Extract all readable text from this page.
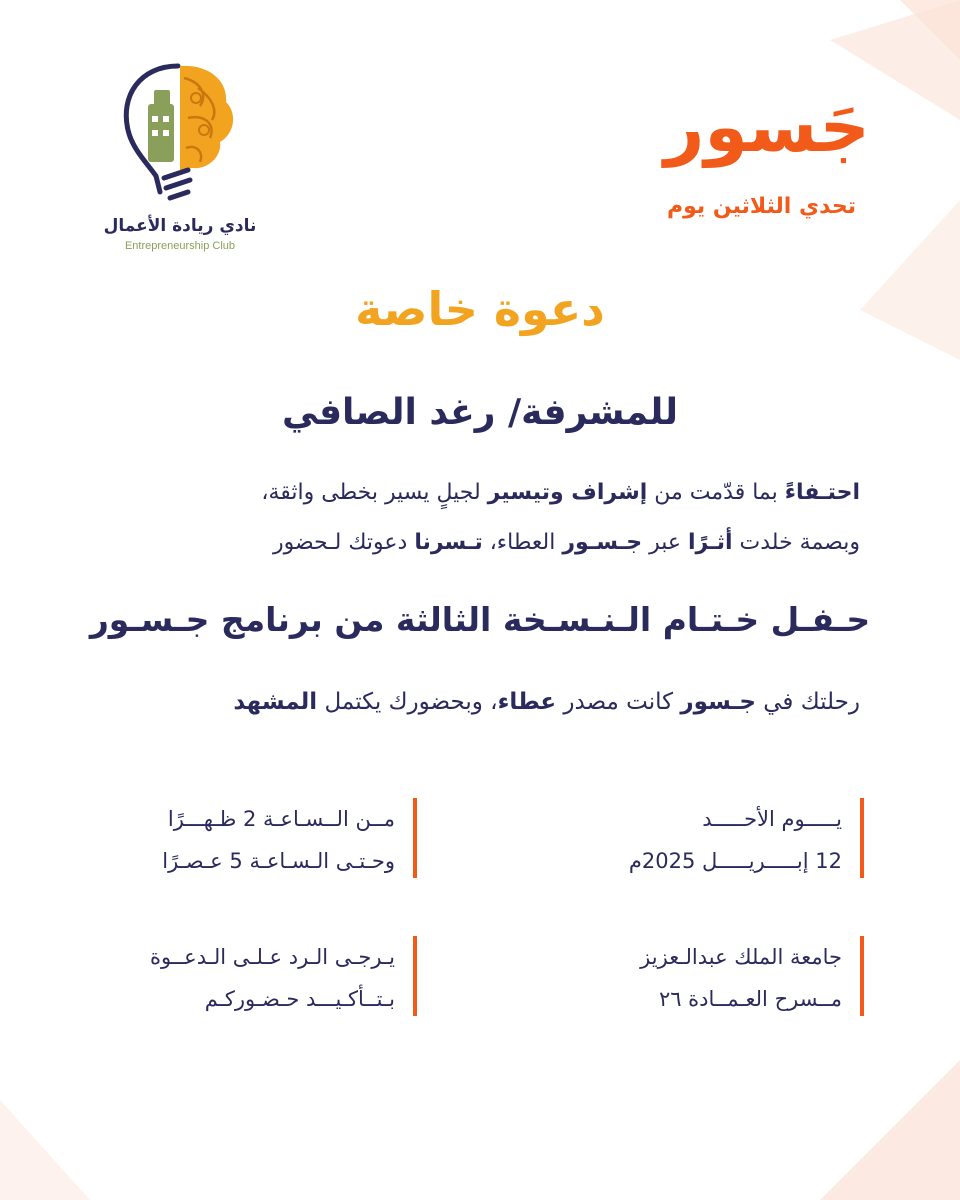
نادي ريادة الأعمال
Entrepreneurship Club
جَسور
تحدي الثلاثين يوم
دعوة خاصة
للمشرفة/ رغد الصافي
احتـفاءً بما قدّمت من إشراف وتيسير لجيلٍ يسير بخطى واثقة،
وبصمة خلدت أثـرًا عبر جـسـور العطاء، تـسرنا دعوتك لـحضور
حـفـل خـتـام الـنـسـخة الثالثة من برنامج جـسـور
رحلتك في جـسور كانت مصدر عطاء، وبحضورك يكتمل المشهد
يـــــوم الأحـــــد
12 إبـــــريـــــل 2025م
مــن الــسـاعـة 2 ظـهـــرًا
وحـتـى الـسـاعـة 5 عـصـرًا
جامعة الملك عبدالـعزيز
مــسرح العـمــادة ٢٦
يـرجـى الـرد عـلـى الـدعــوة
بـتــأكـيـــد حـضـوركـم
